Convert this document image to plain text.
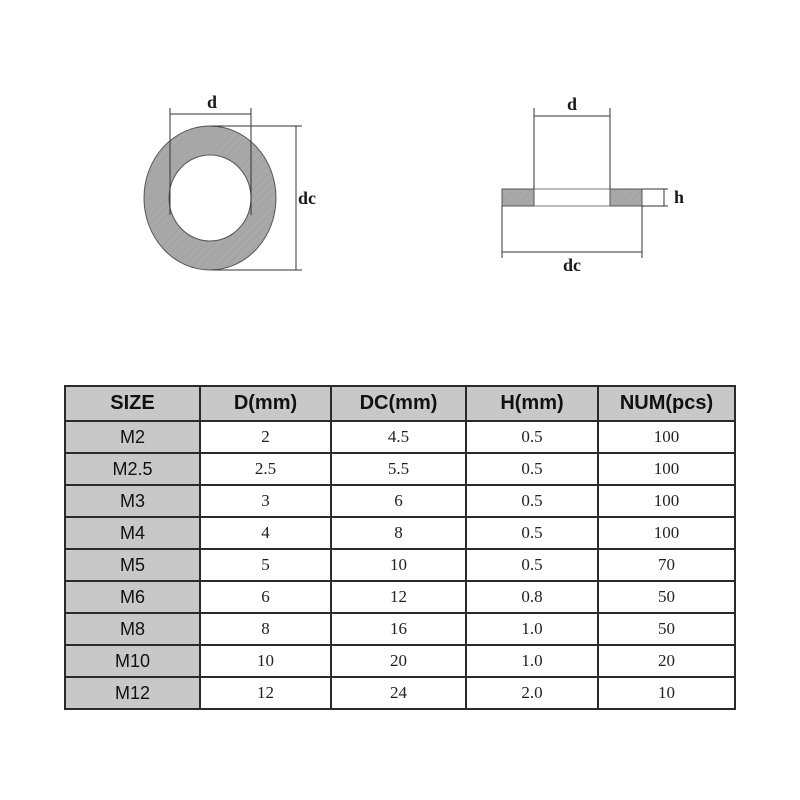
d
dc
d
h
dc
SIZE	D(mm)	DC(mm)	H(mm)	NUM(pcs)
M2	2	4.5	0.5	100
M2.5	2.5	5.5	0.5	100
M3	3	6	0.5	100
M4	4	8	0.5	100
M5	5	10	0.5	70
M6	6	12	0.8	50
M8	8	16	1.0	50
M10	10	20	1.0	20
M12	12	24	2.0	10
